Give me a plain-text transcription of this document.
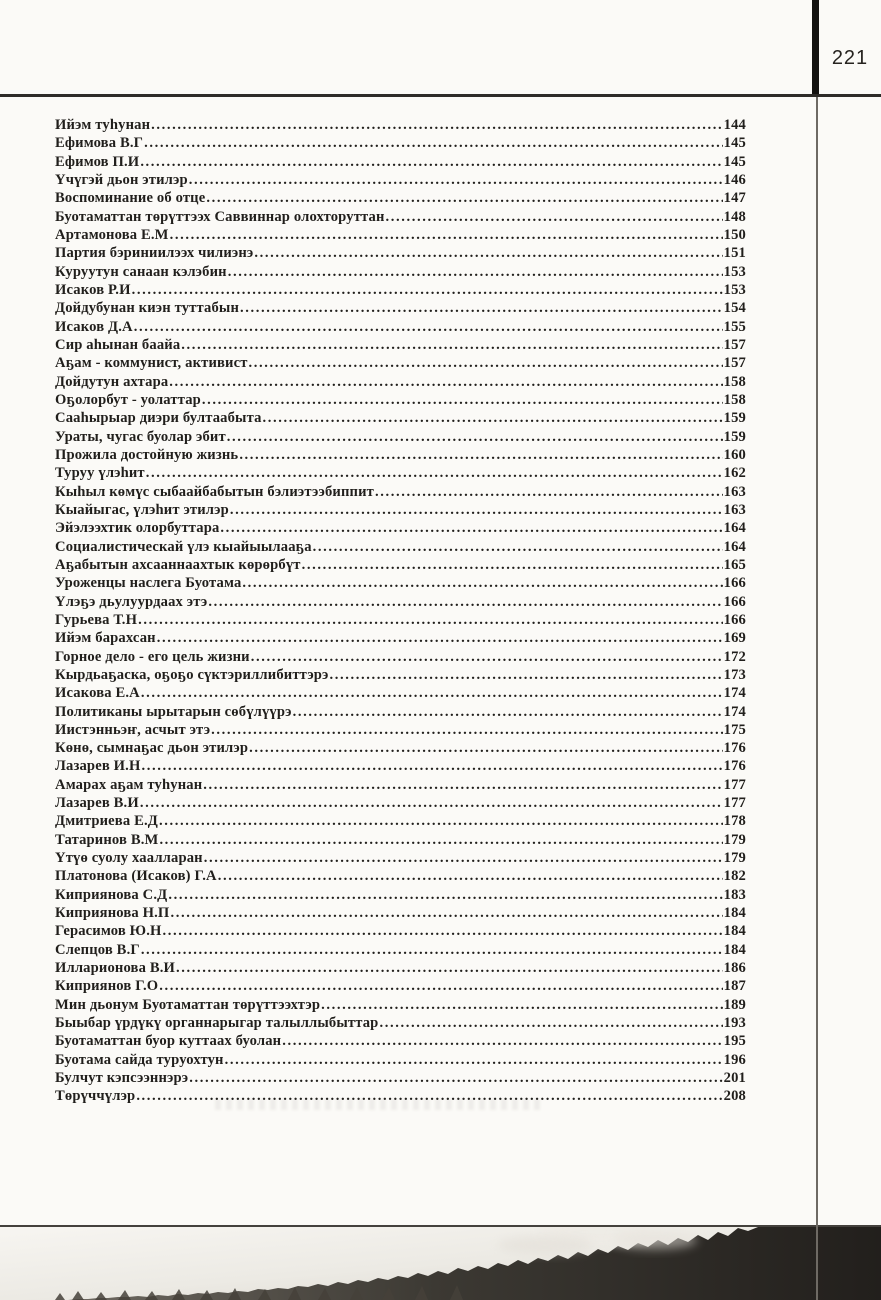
221
Ийэм туһунан .....	144
Ефимова В.Г .....	145
Ефимов П.И .....	145
Үчүгэй дьон этилэр .....	146
Воспоминание об отце .....	147
Буотаматтан төрүттээх Саввиннар олохторуттан .....	148
Артамонова Е.М .....	150
Партия бэриниилээх чилиэнэ .....	151
Куруутун санаан кэлэбин .....	153
Исаков Р.И .....	153
Дойдубунан киэн туттабын .....	154
Исаков Д.А .....	155
Сир аһынан баайа .....	157
Аҕам - коммунист, активист .....	157
Дойдутун ахтара .....	158
Оҕолорбут - уолаттар .....	158
Сааһырыар диэри бултаабыта .....	159
Ураты, чугас буолар эбит .....	159
Прожила достойную жизнь .....	160
Туруу үлэһит .....	162
Кыһыл көмүс сыбаайбабытын бэлиэтээбиппит .....	163
Кыайыгас, үлэһит этилэр .....	163
Эйэлээхтик олорбуттара .....	164
Социалистическай үлэ кыайыылааҕа .....	164
Аҕабытын ахсааннаахтык көрөрбүт .....	165
Уроженцы наслега Буотама .....	166
Үлэҕэ дьулуурдаах этэ .....	166
Гурьева Т.Н .....	166
Ийэм барахсан .....	169
Горное дело - его цель жизни .....	172
Кырдьаҕаска, оҕоҕо сүктэриллибиттэрэ .....	173
Исакова Е.А .....	174
Политиканы ырытарын сөбүлүүрэ .....	174
Иистэнньэҥ, асчыт этэ .....	175
Көнө, сымнаҕас дьон этилэр .....	176
Лазарев И.Н .....	176
Амарах аҕам туһунан .....	177
Лазарев В.И .....	177
Дмитриева Е.Д .....	178
Татаринов В.М .....	179
Үтүө суолу хаалларан .....	179
Платонова (Исаков) Г.А .....	182
Киприянова С.Д .....	183
Киприянова Н.П .....	184
Герасимов Ю.Н .....	184
Слепцов В.Г .....	184
Илларионова В.И .....	186
Киприянов Г.О .....	187
Мин дьонум Буотаматтан төрүттээхтэр .....	189
Быыбар үрдүкү органнарыгар талыллыбыттар .....	193
Буотаматтан буор куттаах буолан .....	195
Буотама сайда туруохтун .....	196
Булчут кэпсээннэрэ .....	201
Төрүччүлэр .....	208
